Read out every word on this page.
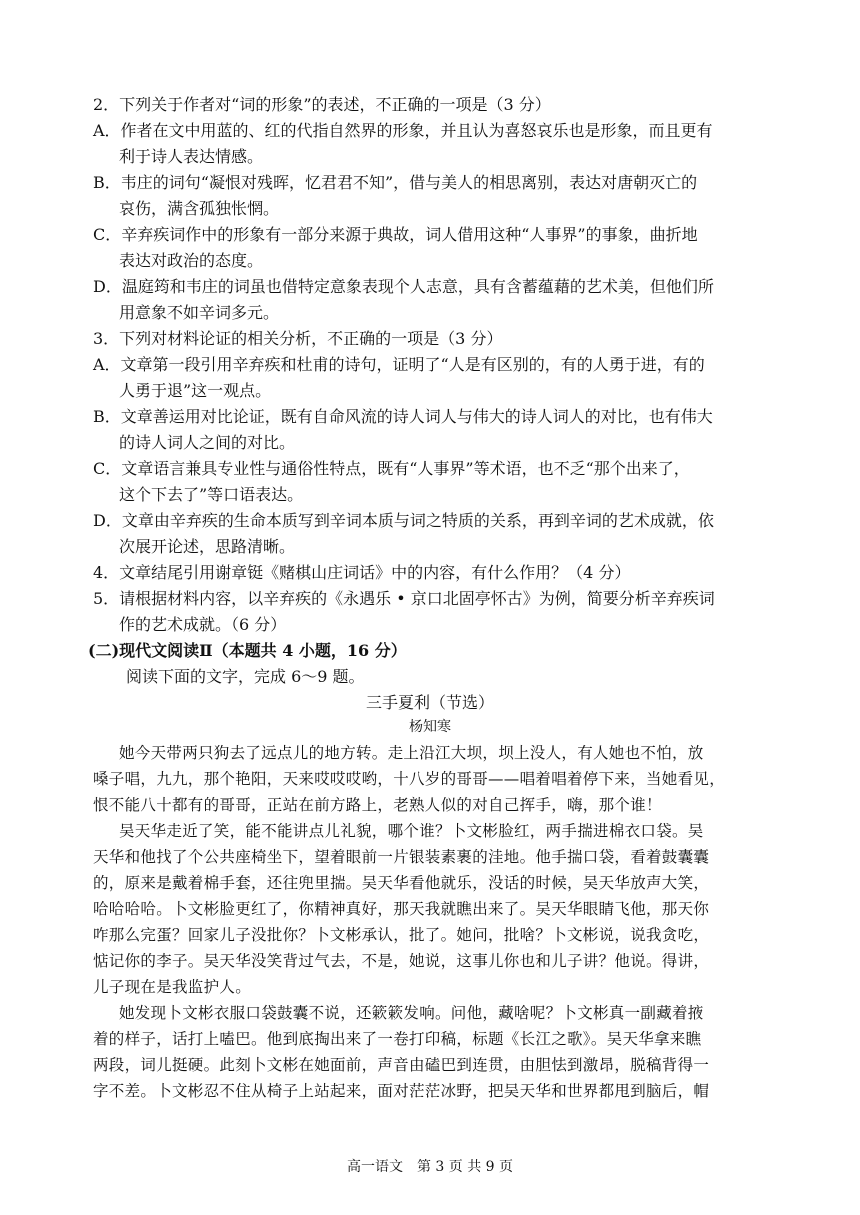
2．下列关于作者对“词的形象”的表述，不正确的一项是（3 分）
A．作者在文中用蓝的、红的代指自然界的形象，并且认为喜怒哀乐也是形象，而且更有
利于诗人表达情感。
B．韦庄的词句“凝恨对残晖，忆君君不知”，借与美人的相思离别，表达对唐朝灭亡的
哀伤，满含孤独怅惘。
C．辛弃疾词作中的形象有一部分来源于典故，词人借用这种“人事界”的事象，曲折地
表达对政治的态度。
D．温庭筠和韦庄的词虽也借特定意象表现个人志意，具有含蓄蕴藉的艺术美，但他们所
用意象不如辛词多元。
3．下列对材料论证的相关分析，不正确的一项是（3 分）
A．文章第一段引用辛弃疾和杜甫的诗句，证明了“人是有区别的，有的人勇于进，有的
人勇于退”这一观点。
B．文章善运用对比论证，既有自命风流的诗人词人与伟大的诗人词人的对比，也有伟大
的诗人词人之间的对比。
C．文章语言兼具专业性与通俗性特点，既有“人事界”等术语，也不乏“那个出来了，
这个下去了”等口语表达。
D．文章由辛弃疾的生命本质写到辛词本质与词之特质的关系，再到辛词的艺术成就，依
次展开论述，思路清晰。
4．文章结尾引用谢章铤《赌棋山庄词话》中的内容，有什么作用？（4 分）
5．请根据材料内容，以辛弃疾的《永遇乐 • 京口北固亭怀古》为例，简要分析辛弃疾词
作的艺术成就。（6 分）
(二)现代文阅读Ⅱ（本题共 4 小题，16 分）
阅读下面的文字，完成 6～9 题。
三手夏利（节选）
杨知寒
她今天带两只狗去了远点儿的地方转。走上沿江大坝，坝上没人，有人她也不怕，放
嗓子唱，九九，那个艳阳，天来哎哎哎哟，十八岁的哥哥——唱着唱着停下来，当她看见，
恨不能八十都有的哥哥，正站在前方路上，老熟人似的对自己挥手，嗨，那个谁！
吴天华走近了笑，能不能讲点儿礼貌，哪个谁？卜文彬脸红，两手揣进棉衣口袋。吴
天华和他找了个公共座椅坐下，望着眼前一片银装素裹的洼地。他手揣口袋，看着鼓囊囊
的，原来是戴着棉手套，还往兜里揣。吴天华看他就乐，没话的时候，吴天华放声大笑，
哈哈哈哈。卜文彬脸更红了，你精神真好，那天我就瞧出来了。吴天华眼睛飞他，那天你
咋那么完蛋？回家儿子没批你？卜文彬承认，批了。她问，批啥？卜文彬说，说我贪吃，
惦记你的李子。吴天华没笑背过气去，不是，她说，这事儿你也和儿子讲？他说。得讲，
儿子现在是我监护人。
她发现卜文彬衣服口袋鼓囊不说，还簌簌发响。问他，藏啥呢？卜文彬真一副藏着掖
着的样子，话打上嗑巴。他到底掏出来了一卷打印稿，标题《长江之歌》。吴天华拿来瞧
两段，词儿挺硬。此刻卜文彬在她面前，声音由磕巴到连贯，由胆怯到激昂，脱稿背得一
字不差。卜文彬忍不住从椅子上站起来，面对茫茫冰野，把吴天华和世界都甩到脑后，帽
高一语文　第 3 页 共 9 页
